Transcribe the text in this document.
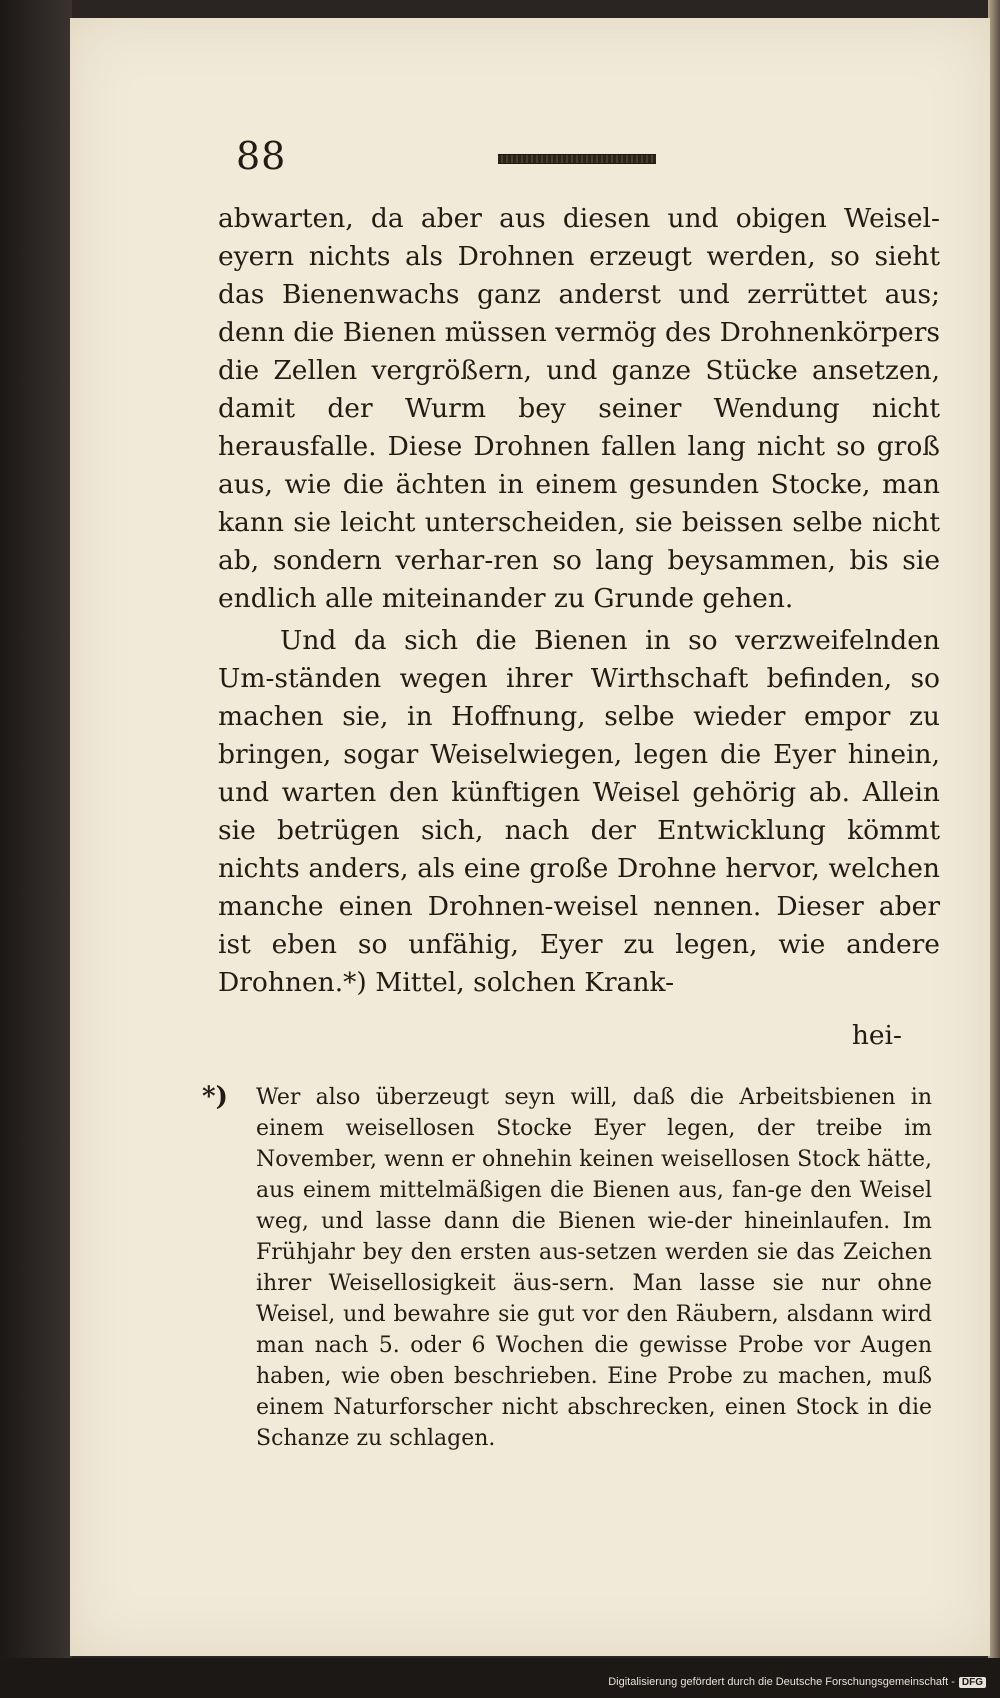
88

abwarten, da aber aus diesen und obigen Weisel-eyern nichts als Drohnen erzeugt werden, so sieht das Bienenwachs ganz anderst und zerrüttet aus; denn die Bienen müssen vermög des Drohnenkörpers die Zellen vergrößern, und ganze Stücke ansetzen, damit der Wurm bey seiner Wendung nicht herausfalle. Diese Drohnen fallen lang nicht so groß aus, wie die ächten in einem gesunden Stocke, man kann sie leicht unterscheiden, sie beissen selbe nicht ab, sondern verhar-ren so lang beysammen, bis sie endlich alle miteinander zu Grunde gehen.

Und da sich die Bienen in so verzweifelnden Um-ständen wegen ihrer Wirthschaft befinden, so machen sie, in Hoffnung, selbe wieder empor zu bringen, sogar Weiselwiegen, legen die Eyer hinein, und warten den künftigen Weisel gehörig ab. Allein sie betrügen sich, nach der Entwicklung kömmt nichts anders, als eine große Drohne hervor, welchen manche einen Drohnen-weisel nennen. Dieser aber ist eben so unfähig, Eyer zu legen, wie andere Drohnen.*) Mittel, solchen Krank-

hei-
*) Wer also überzeugt seyn will, daß die Arbeitsbienen in einem weisellosen Stocke Eyer legen, der treibe im November, wenn er ohnehin keinen weisellosen Stock hätte, aus einem mittelmäßigen die Bienen aus, fan-ge den Weisel weg, und lasse dann die Bienen wie-der hineinlaufen. Im Frühjahr bey den ersten aus-setzen werden sie das Zeichen ihrer Weisellosigkeit äus-sern. Man lasse sie nur ohne Weisel, und bewahre sie gut vor den Räubern, alsdann wird man nach 5. oder 6 Wochen die gewisse Probe vor Augen haben, wie oben beschrieben. Eine Probe zu machen, muß einem Naturforscher nicht abschrecken, einen Stock in die Schanze zu schlagen.
Digitalisierung gefördert durch die Deutsche Forschungsgemeinschaft - DFG
